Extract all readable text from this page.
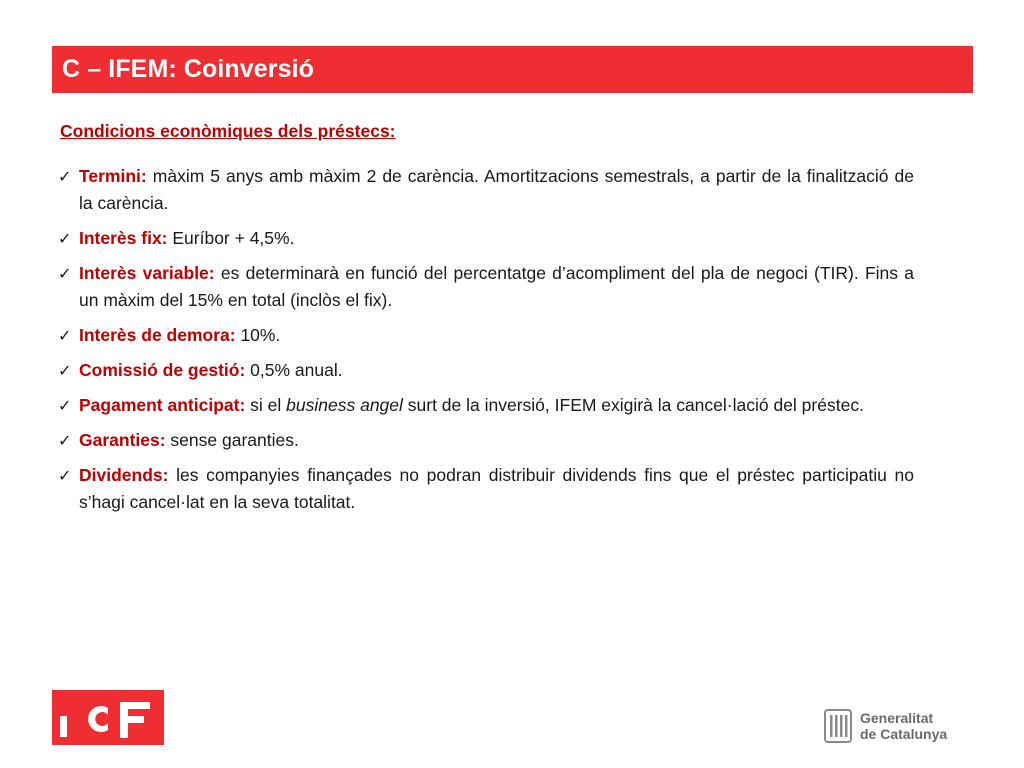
C – IFEM: Coinversió
Condicions econòmiques dels préstecs:
✓ Termini: màxim 5 anys amb màxim 2 de carència. Amortitzacions semestrals, a partir de la finalització de la carència.
✓ Interès fix: Euríbor + 4,5%.
✓ Interès variable: es determinarà en funció del percentatge d’acompliment del pla de negoci (TIR). Fins a un màxim del 15% en total (inclòs el fix).
✓ Interès de demora: 10%.
✓ Comissió de gestió: 0,5% anual.
✓ Pagament anticipat: si el business angel surt de la inversió, IFEM exigirà la cancel·lació del préstec.
✓ Garanties: sense garanties.
✓ Dividends: les companyies finançades no podran distribuir dividends fins que el préstec participatiu no s’hagi cancel·lat en la seva totalitat.
Generalitat
de Catalunya
